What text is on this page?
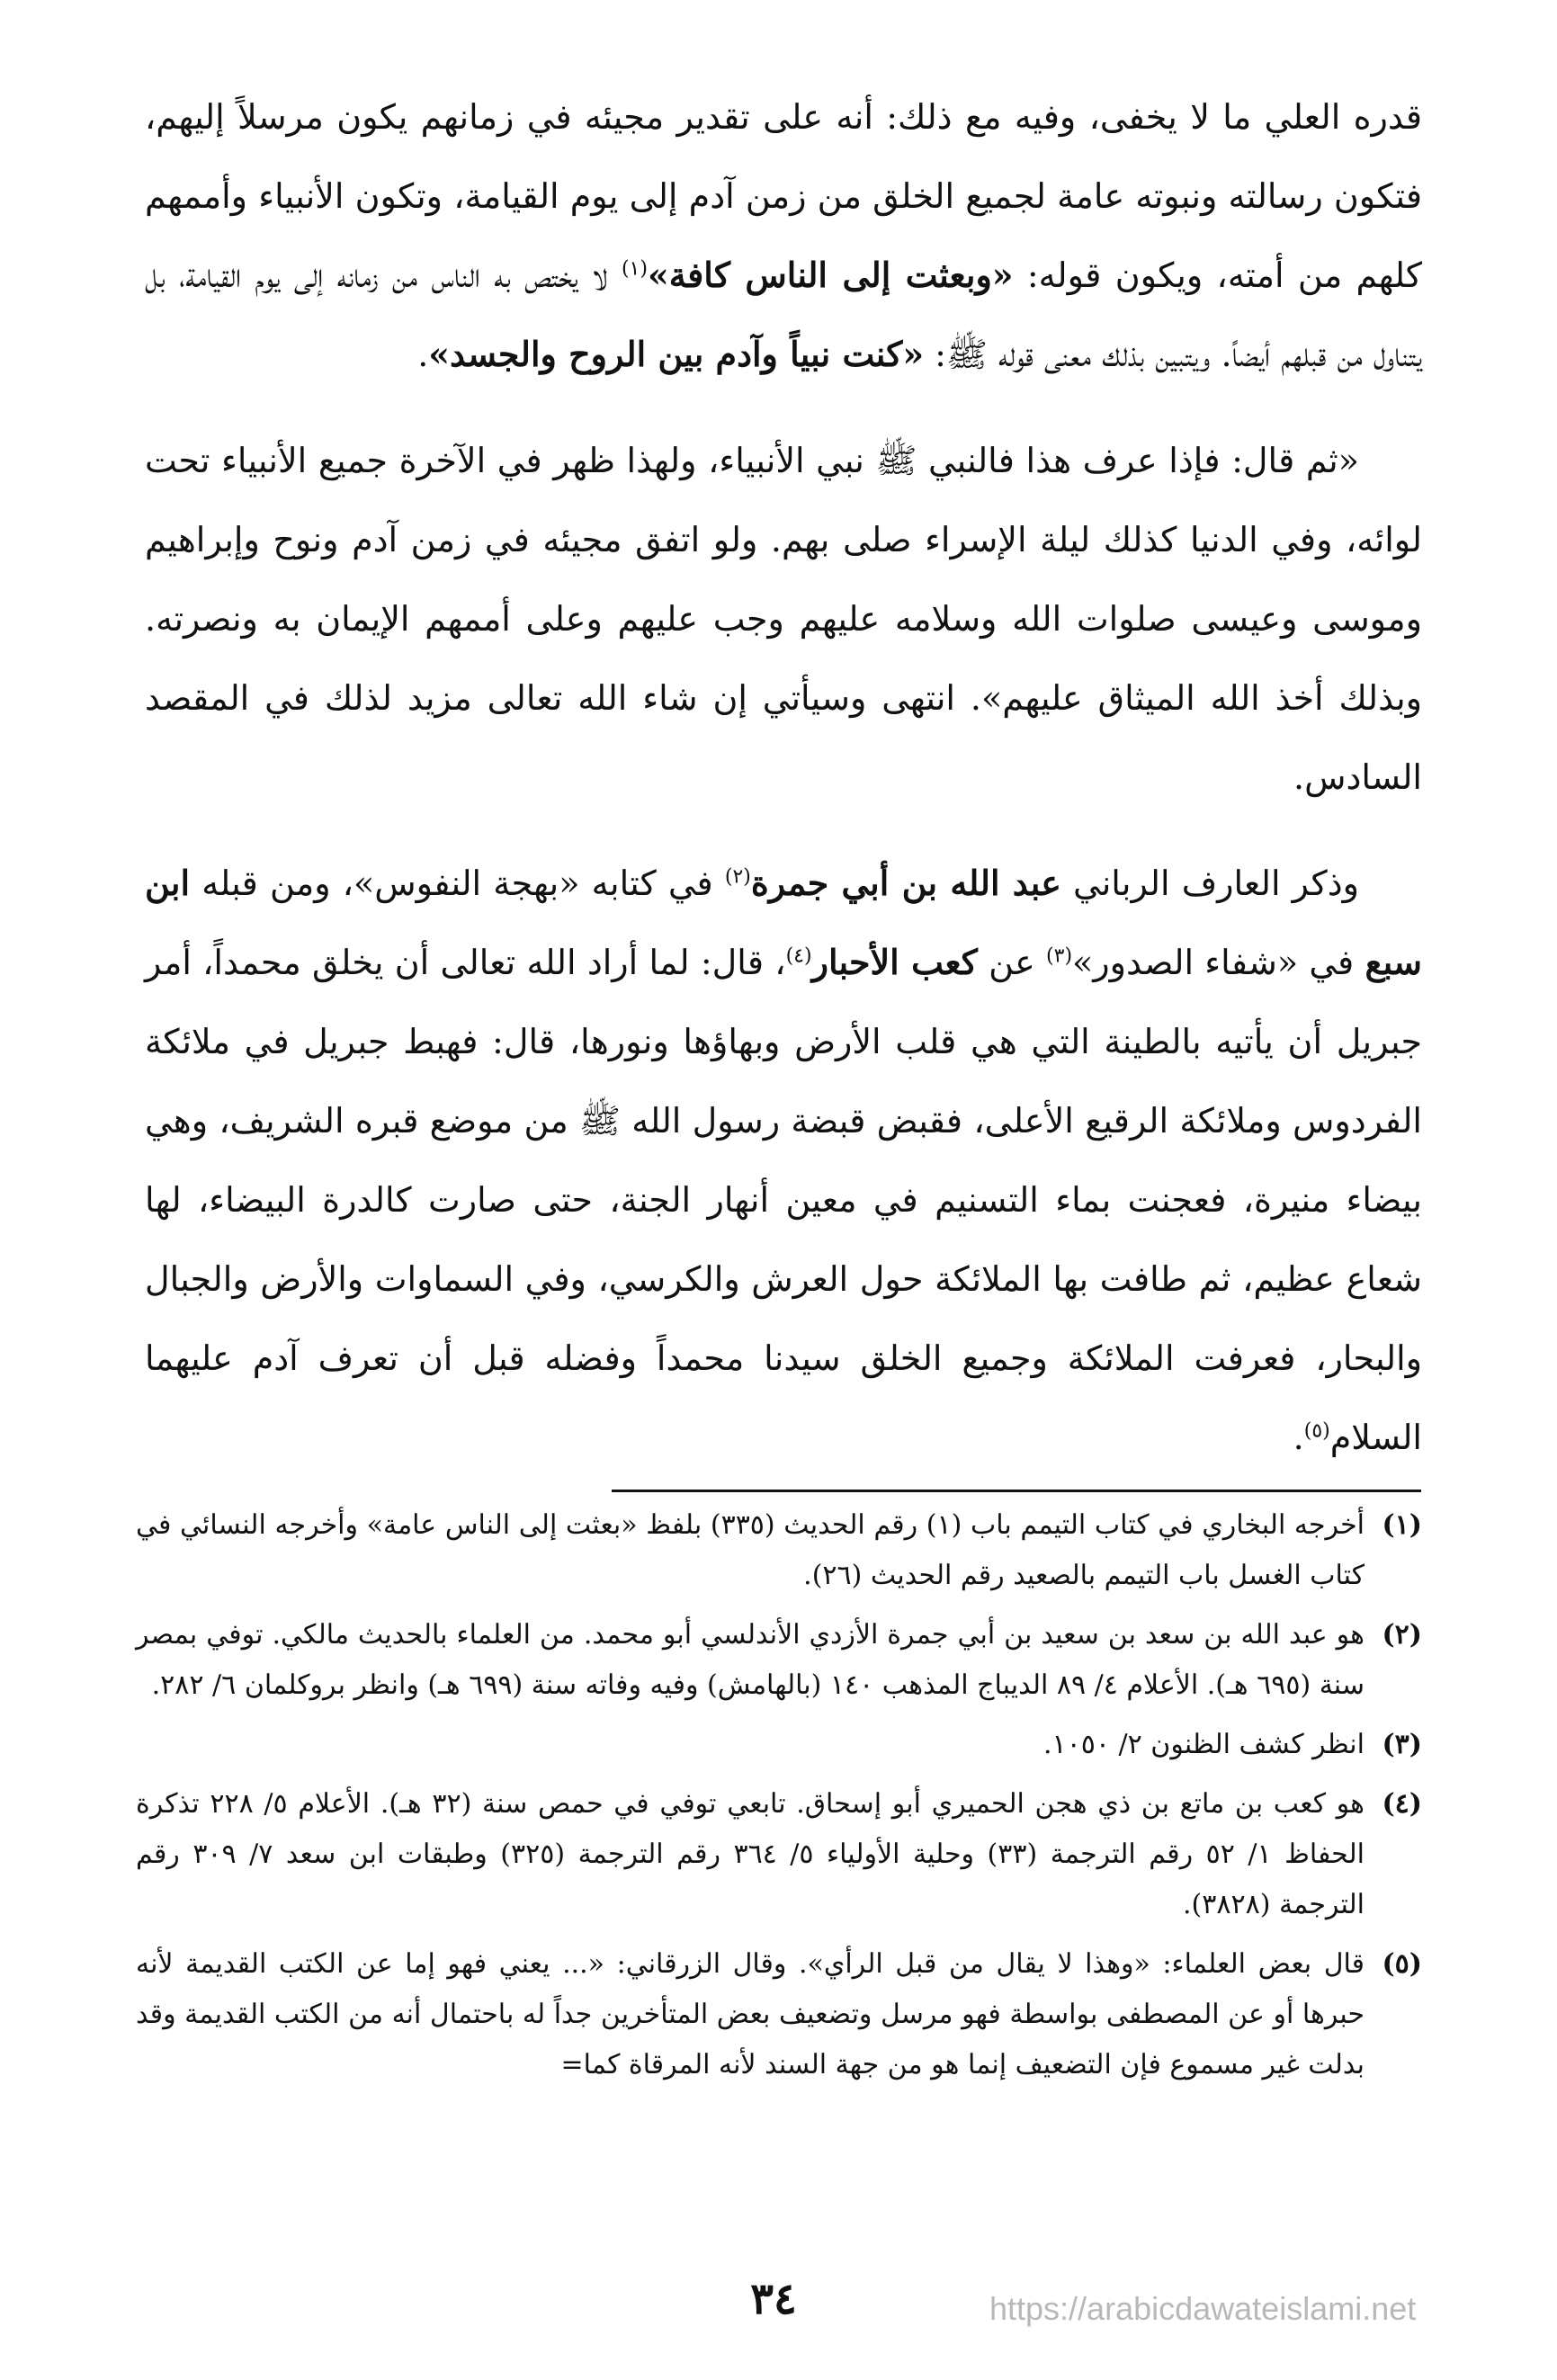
قدره العلي ما لا يخفى، وفيه مع ذلك: أنه على تقدير مجيئه في زمانهم يكون مرسلاً إليهم، فتكون رسالته ونبوته عامة لجميع الخلق من زمن آدم إلى يوم القيامة، وتكون الأنبياء وأممهم كلهم من أمته، ويكون قوله: «وبعثت إلى الناس كافة»$^{(١)}$ لا يختص به الناس من زمانه إلى يوم القيامة، بل يتناول من قبلهم أيضاً. ويتبين بذلك معنى قوله ﷺ: «كنت نبياً وآدم بين الروح والجسد».

«ثم قال: فإذا عرف هذا فالنبي ﷺ نبي الأنبياء، ولهذا ظهر في الآخرة جميع الأنبياء تحت لوائه، وفي الدنيا كذلك ليلة الإسراء صلى بهم. ولو اتفق مجيئه في زمن آدم ونوح وإبراهيم وموسى وعيسى صلوات الله وسلامه عليهم وجب عليهم وعلى أممهم الإيمان به ونصرته. وبذلك أخذ الله الميثاق عليهم». انتهى وسيأتي إن شاء الله تعالى مزيد لذلك في المقصد السادس.

وذكر العارف الرباني عبد الله بن أبي جمرة$^{(٢)}$ في كتابه «بهجة النفوس»، ومن قبله ابن سبع في «شفاء الصدور»$^{(٣)}$ عن كعب الأحبار$^{(٤)}$، قال: لما أراد الله تعالى أن يخلق محمداً، أمر جبريل أن يأتيه بالطينة التي هي قلب الأرض وبهاؤها ونورها، قال: فهبط جبريل في ملائكة الفردوس وملائكة الرقيع الأعلى، فقبض قبضة رسول الله ﷺ من موضع قبره الشريف، وهي بيضاء منيرة، فعجنت بماء التسنيم في معين أنهار الجنة، حتى صارت كالدرة البيضاء، لها شعاع عظيم، ثم طافت بها الملائكة حول العرش والكرسي، وفي السماوات والأرض والجبال والبحار، فعرفت الملائكة وجميع الخلق سيدنا محمداً وفضله قبل أن تعرف آدم عليهما السلام$^{(٥)}$.

(١)
أخرجه البخاري في كتاب التيمم باب (١) رقم الحديث (٣٣٥) بلفظ «بعثت إلى الناس عامة» وأخرجه النسائي في كتاب الغسل باب التيمم بالصعيد رقم الحديث (٢٦).
(٢)
هو عبد الله بن سعد بن سعيد بن أبي جمرة الأزدي الأندلسي أبو محمد. من العلماء بالحديث مالكي. توفي بمصر سنة (٦٩٥ هـ). الأعلام ٤/ ٨٩ الديباج المذهب ١٤٠ (بالهامش) وفيه وفاته سنة (٦٩٩ هـ) وانظر بروكلمان ٦/ ٢٨٢.
(٣)
انظر كشف الظنون ٢/ ١٠٥٠.
(٤)
هو كعب بن ماتع بن ذي هجن الحميري أبو إسحاق. تابعي توفي في حمص سنة (٣٢ هـ). الأعلام ٥/ ٢٢٨ تذكرة الحفاظ ١/ ٥٢ رقم الترجمة (٣٣) وحلية الأولياء ٥/ ٣٦٤ رقم الترجمة (٣٢٥) وطبقات ابن سعد ٧/ ٣٠٩ رقم الترجمة (٣٨٢٨).
(٥)
قال بعض العلماء: «وهذا لا يقال من قبل الرأي». وقال الزرقاني: «... يعني فهو إما عن الكتب القديمة لأنه حبرها أو عن المصطفى بواسطة فهو مرسل وتضعيف بعض المتأخرين جداً له باحتمال أنه من الكتب القديمة وقد بدلت غير مسموع فإن التضعيف إنما هو من جهة السند لأنه المرقاة كما=
٣٤	https://arabicdawateislami.net
